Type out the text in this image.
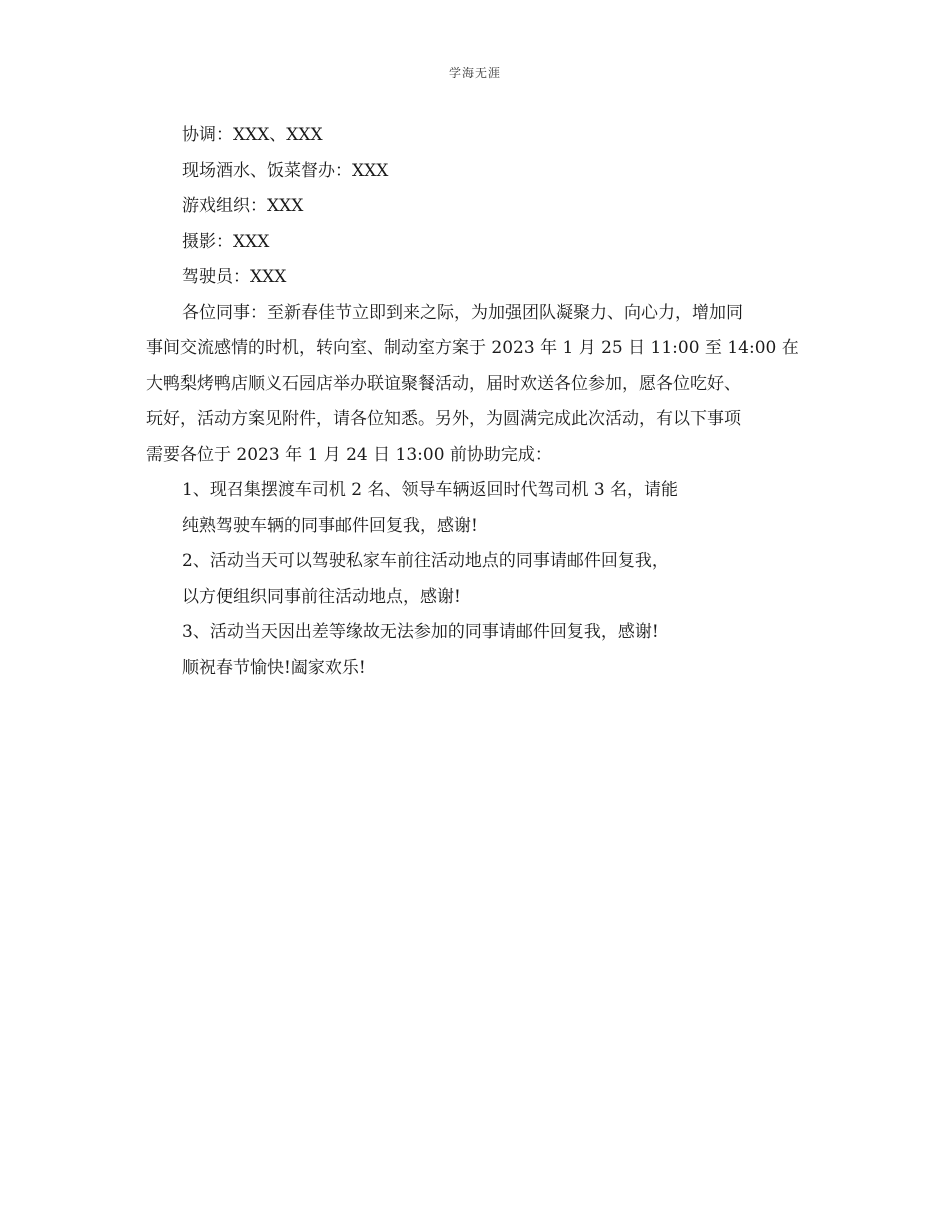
学海无涯

协调：XXX、XXX

现场酒水、饭菜督办：XXX

游戏组织：XXX

摄影：XXX

驾驶员：XXX

各位同事：至新春佳节立即到来之际，为加强团队凝聚力、向心力，增加同

事间交流感情的时机，转向室、制动室方案于 2023 年 1 月 25 日 11:00 至 14:00 在

大鸭梨烤鸭店顺义石园店举办联谊聚餐活动，届时欢送各位参加，愿各位吃好、

玩好，活动方案见附件，请各位知悉。另外，为圆满完成此次活动，有以下事项

需要各位于 2023 年 1 月 24 日 13:00 前协助完成：

1、现召集摆渡车司机 2 名、领导车辆返回时代驾司机 3 名，请能

纯熟驾驶车辆的同事邮件回复我，感谢!

2、活动当天可以驾驶私家车前往活动地点的同事请邮件回复我，

以方便组织同事前往活动地点，感谢!

3、活动当天因出差等缘故无法参加的同事请邮件回复我，感谢!

顺祝春节愉快!阖家欢乐!
